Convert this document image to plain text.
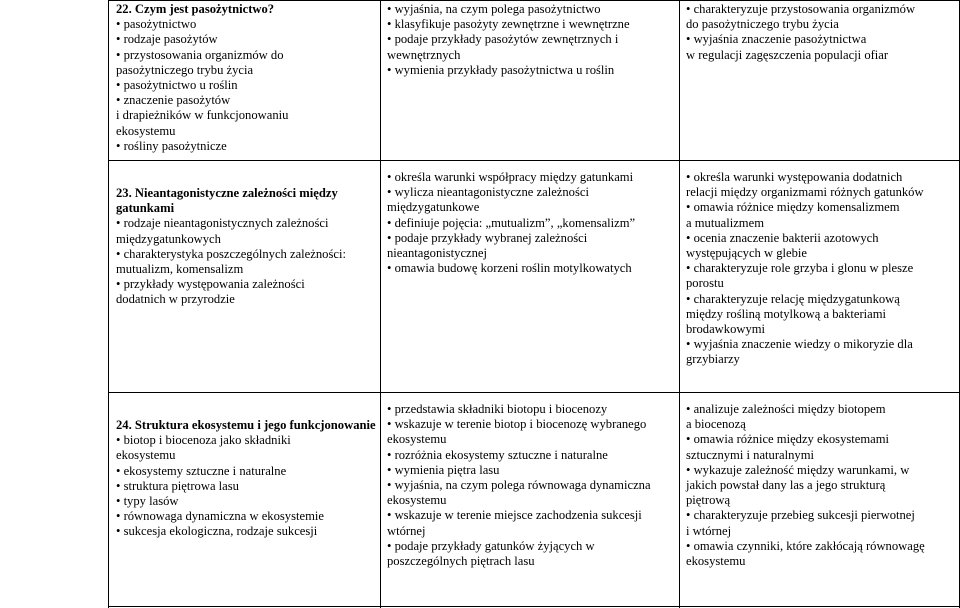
22. Czym jest pasożytnictwo?

• pasożytnictwo
• rodzaje pasożytów
• przystosowania organizmów do
pasożytniczego trybu życia
• pasożytnictwo u roślin
• znaczenie pasożytów
i drapieżników w funkcjonowaniu
ekosystemu
• rośliny pasożytnicze
• wyjaśnia, na czym polega pasożytnictwo
• klasyfikuje pasożyty zewnętrzne i wewnętrzne
• podaje przykłady pasożytów zewnętrznych i
wewnętrznych
• wymienia przykłady pasożytnictwa u roślin
• charakteryzuje przystosowania organizmów
do pasożytniczego trybu życia
• wyjaśnia znaczenie pasożytnictwa
w regulacji zagęszczenia populacji ofiar

23. Nieantagonistyczne zależności między gatunkami

• rodzaje nieantagonistycznych zależności
międzygatunkowych
• charakterystyka poszczególnych zależności:
mutualizm, komensalizm
• przykłady występowania zależności
dodatnich w przyrodzie
• określa warunki współpracy między gatunkami
• wylicza nieantagonistyczne zależności
międzygatunkowe
• definiuje pojęcia: „mutualizm”, „komensalizm”
• podaje przykłady wybranej zależności
nieantagonistycznej
• omawia budowę korzeni roślin motylkowatych
• określa warunki występowania dodatnich
relacji między organizmami różnych gatunków
• omawia różnice między komensalizmem
a mutualizmem
• ocenia znaczenie bakterii azotowych
występujących w glebie
• charakteryzuje role grzyba i glonu w plesze
porostu
• charakteryzuje relację międzygatunkową
między rośliną motylkową a bakteriami
brodawkowymi
• wyjaśnia znaczenie wiedzy o mikoryzie dla
grzybiarzy

24. Struktura ekosystemu i jego funkcjonowanie

• biotop i biocenoza jako składniki
ekosystemu
• ekosystemy sztuczne i naturalne
• struktura piętrowa lasu
• typy lasów
• równowaga dynamiczna w ekosystemie
• sukcesja ekologiczna, rodzaje sukcesji
• przedstawia składniki biotopu i biocenozy
• wskazuje w terenie biotop i biocenozę wybranego
ekosystemu
• rozróżnia ekosystemy sztuczne i naturalne
• wymienia piętra lasu
• wyjaśnia, na czym polega równowaga dynamiczna
ekosystemu
• wskazuje w terenie miejsce zachodzenia sukcesji
wtórnej
• podaje przykłady gatunków żyjących w
poszczególnych piętrach lasu
• analizuje zależności między biotopem
a biocenozą
• omawia różnice między ekosystemami
sztucznymi i naturalnymi
• wykazuje zależność między warunkami, w
jakich powstał dany las a jego strukturą
piętrową
• charakteryzuje przebieg sukcesji pierwotnej
i wtórnej
• omawia czynniki, które zakłócają równowagę
ekosystemu
